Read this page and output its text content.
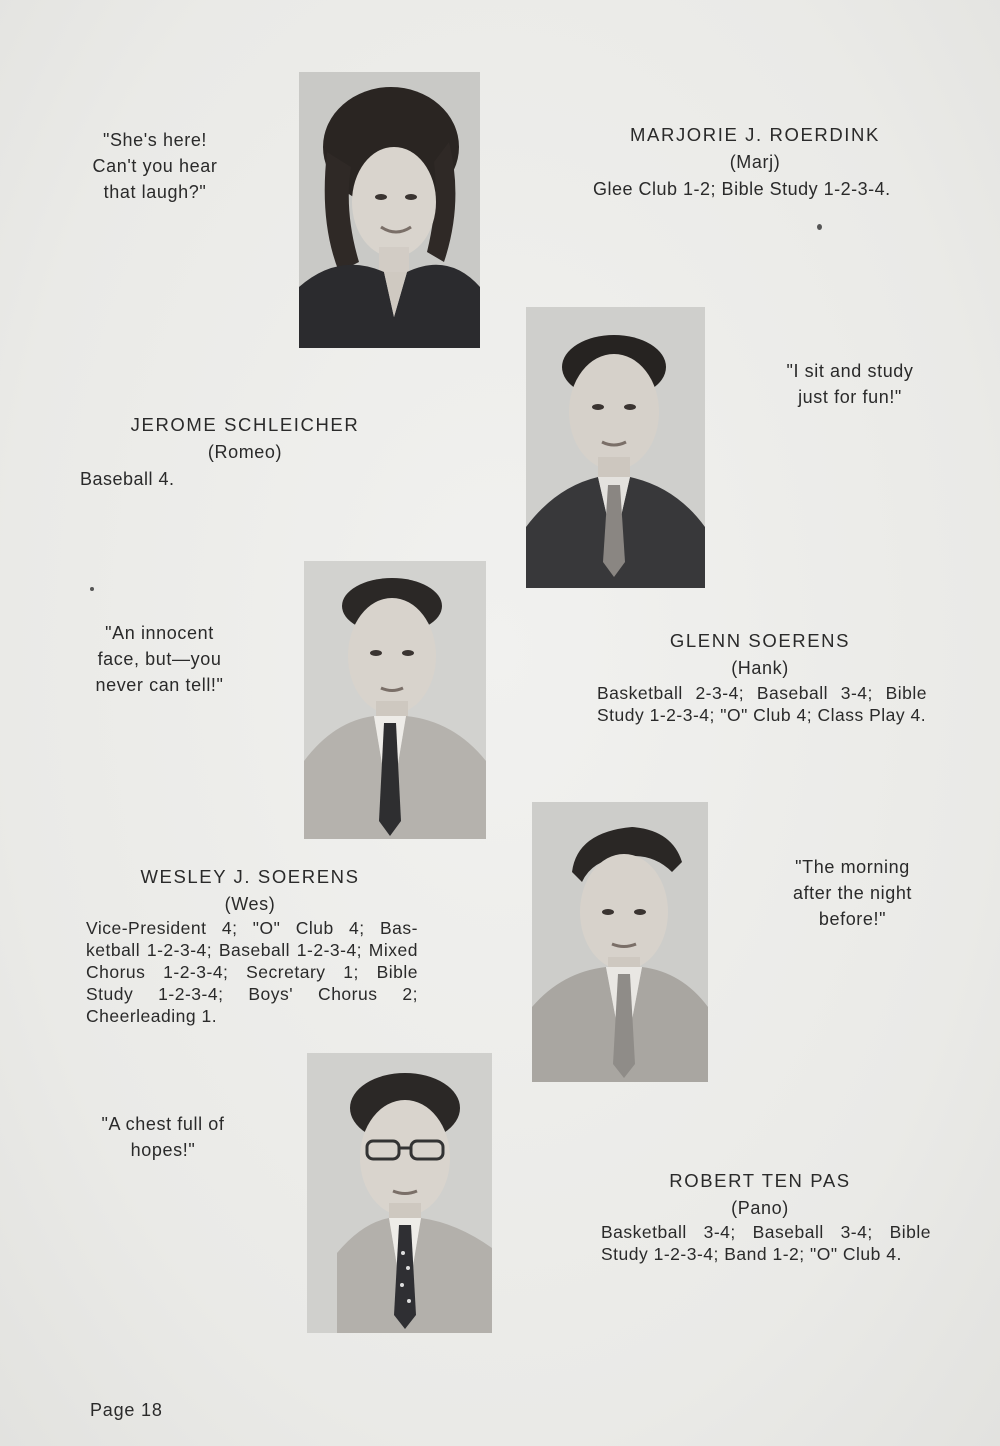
"She's here!
Can't you hear
that laugh?"
MARJORIE J. ROERDINK
(Marj)
Glee Club 1-2; Bible Study 1-2-3-4.
"I sit and study
just for fun!"
JEROME SCHLEICHER
(Romeo)
Baseball 4.
"An innocent
face, but—you
never can tell!"
GLENN SOERENS
(Hank)
Basketball 2-3-4; Baseball 3-4; Bible Study 1-2-3-4; "O" Club 4; Class Play 4.
"The morning
after the night
before!"
WESLEY J. SOERENS
(Wes)
Vice-President 4; "O" Club 4; Bas-ketball 1-2-3-4; Baseball 1-2-3-4; Mixed Chorus 1-2-3-4; Secretary 1; Bible Study 1-2-3-4; Boys' Chorus 2; Cheerleading 1.
"A chest full of
hopes!"
ROBERT TEN PAS
(Pano)
Basketball 3-4; Baseball 3-4; Bible Study 1-2-3-4; Band 1-2; "O" Club 4.
Page 18
